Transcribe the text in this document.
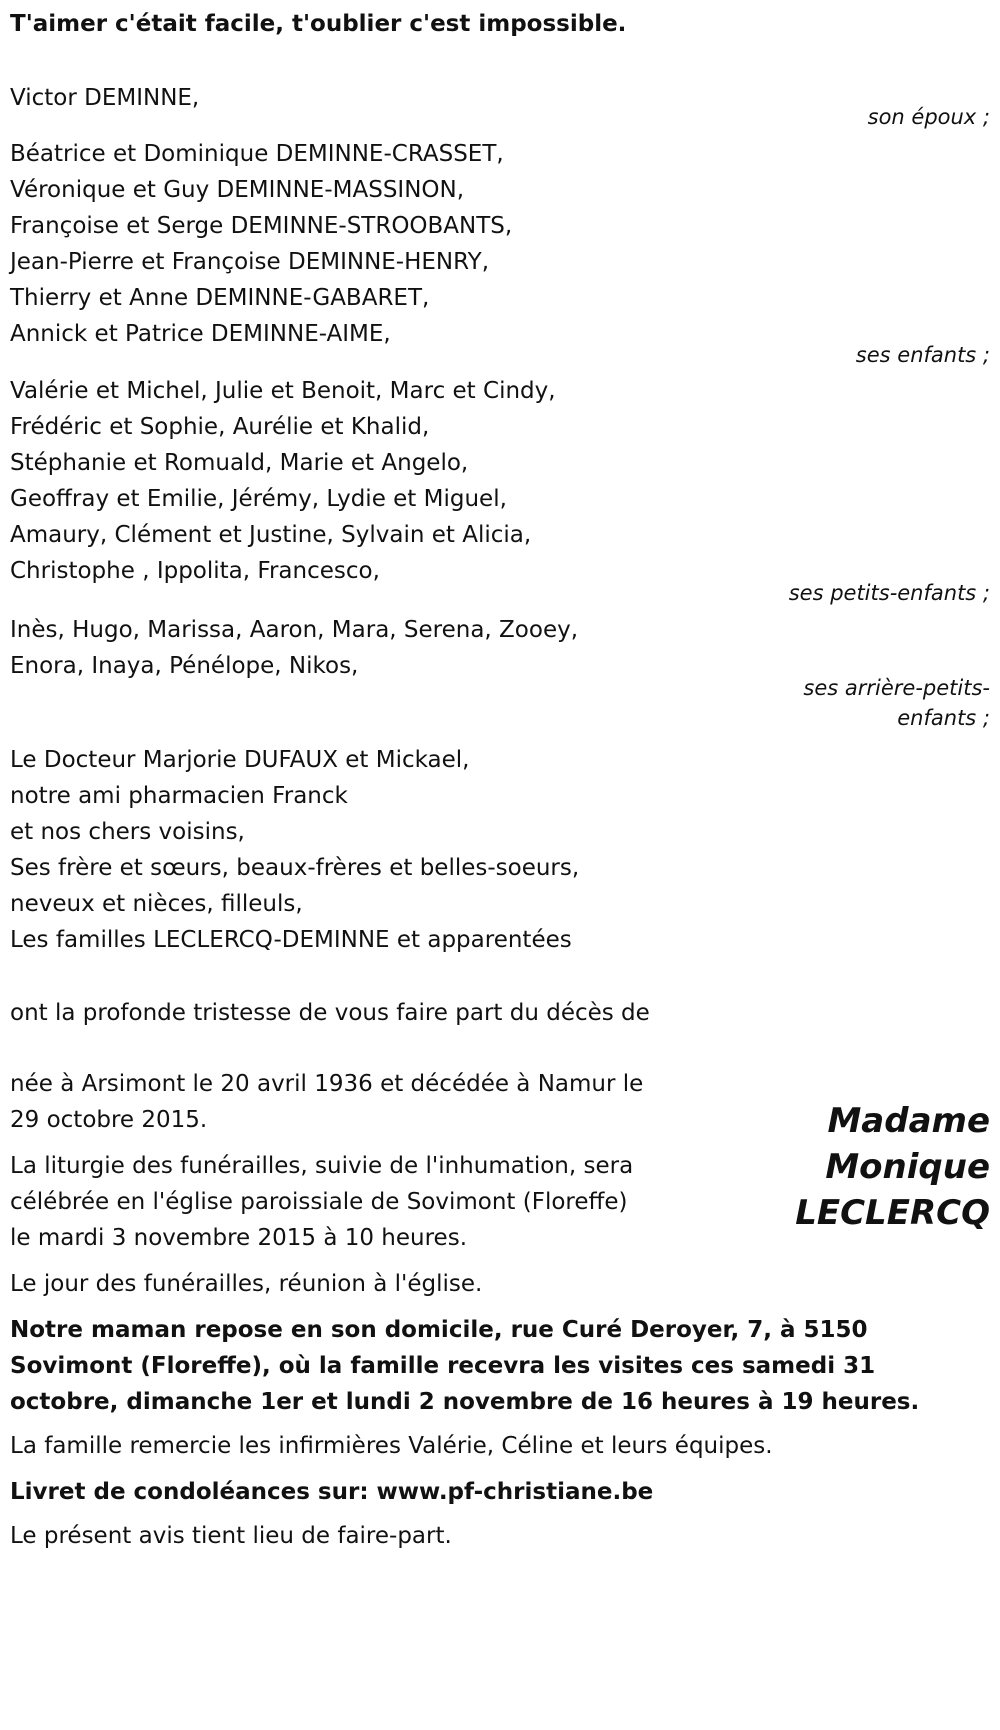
T'aimer c'était facile, t'oublier c'est impossible.
Victor DEMINNE,
son époux ;
Béatrice et Dominique DEMINNE-CRASSET,
Véronique et Guy DEMINNE-MASSINON,
Françoise et Serge DEMINNE-STROOBANTS,
Jean-Pierre et Françoise DEMINNE-HENRY,
Thierry et Anne DEMINNE-GABARET,
Annick et Patrice DEMINNE-AIME,
ses enfants ;
Valérie et Michel, Julie et Benoit, Marc et Cindy,
Frédéric et Sophie, Aurélie et Khalid,
Stéphanie et Romuald, Marie et Angelo,
Geoffray et Emilie, Jérémy, Lydie et Miguel,
Amaury, Clément et Justine, Sylvain et Alicia,
Christophe , Ippolita, Francesco,
ses petits-enfants ;
Inès, Hugo, Marissa, Aaron, Mara, Serena, Zooey,
Enora, Inaya, Pénélope, Nikos,
ses arrière-petits-
enfants ;
Le Docteur Marjorie DUFAUX et Mickael,
notre ami pharmacien Franck
et nos chers voisins,
Ses frère et sœurs, beaux-frères et belles-soeurs,
neveux et nièces, filleuls,
Les familles LECLERCQ-DEMINNE et apparentées
ont la profonde tristesse de vous faire part du décès de
Madame
Monique
LECLERCQ
née à Arsimont le 20 avril 1936 et décédée à Namur le
29 octobre 2015.
La liturgie des funérailles, suivie de l'inhumation, sera
célébrée en l'église paroissiale de Sovimont (Floreffe)
le mardi 3 novembre 2015 à 10 heures.
Le jour des funérailles, réunion à l'église.
Notre maman repose en son domicile, rue Curé Deroyer, 7, à 5150
Sovimont (Floreffe), où la famille recevra les visites ces samedi 31
octobre, dimanche 1er et lundi 2 novembre de 16 heures à 19 heures.
La famille remercie les infirmières Valérie, Céline et leurs équipes.
Livret de condoléances sur: www.pf-christiane.be
Le présent avis tient lieu de faire-part.
